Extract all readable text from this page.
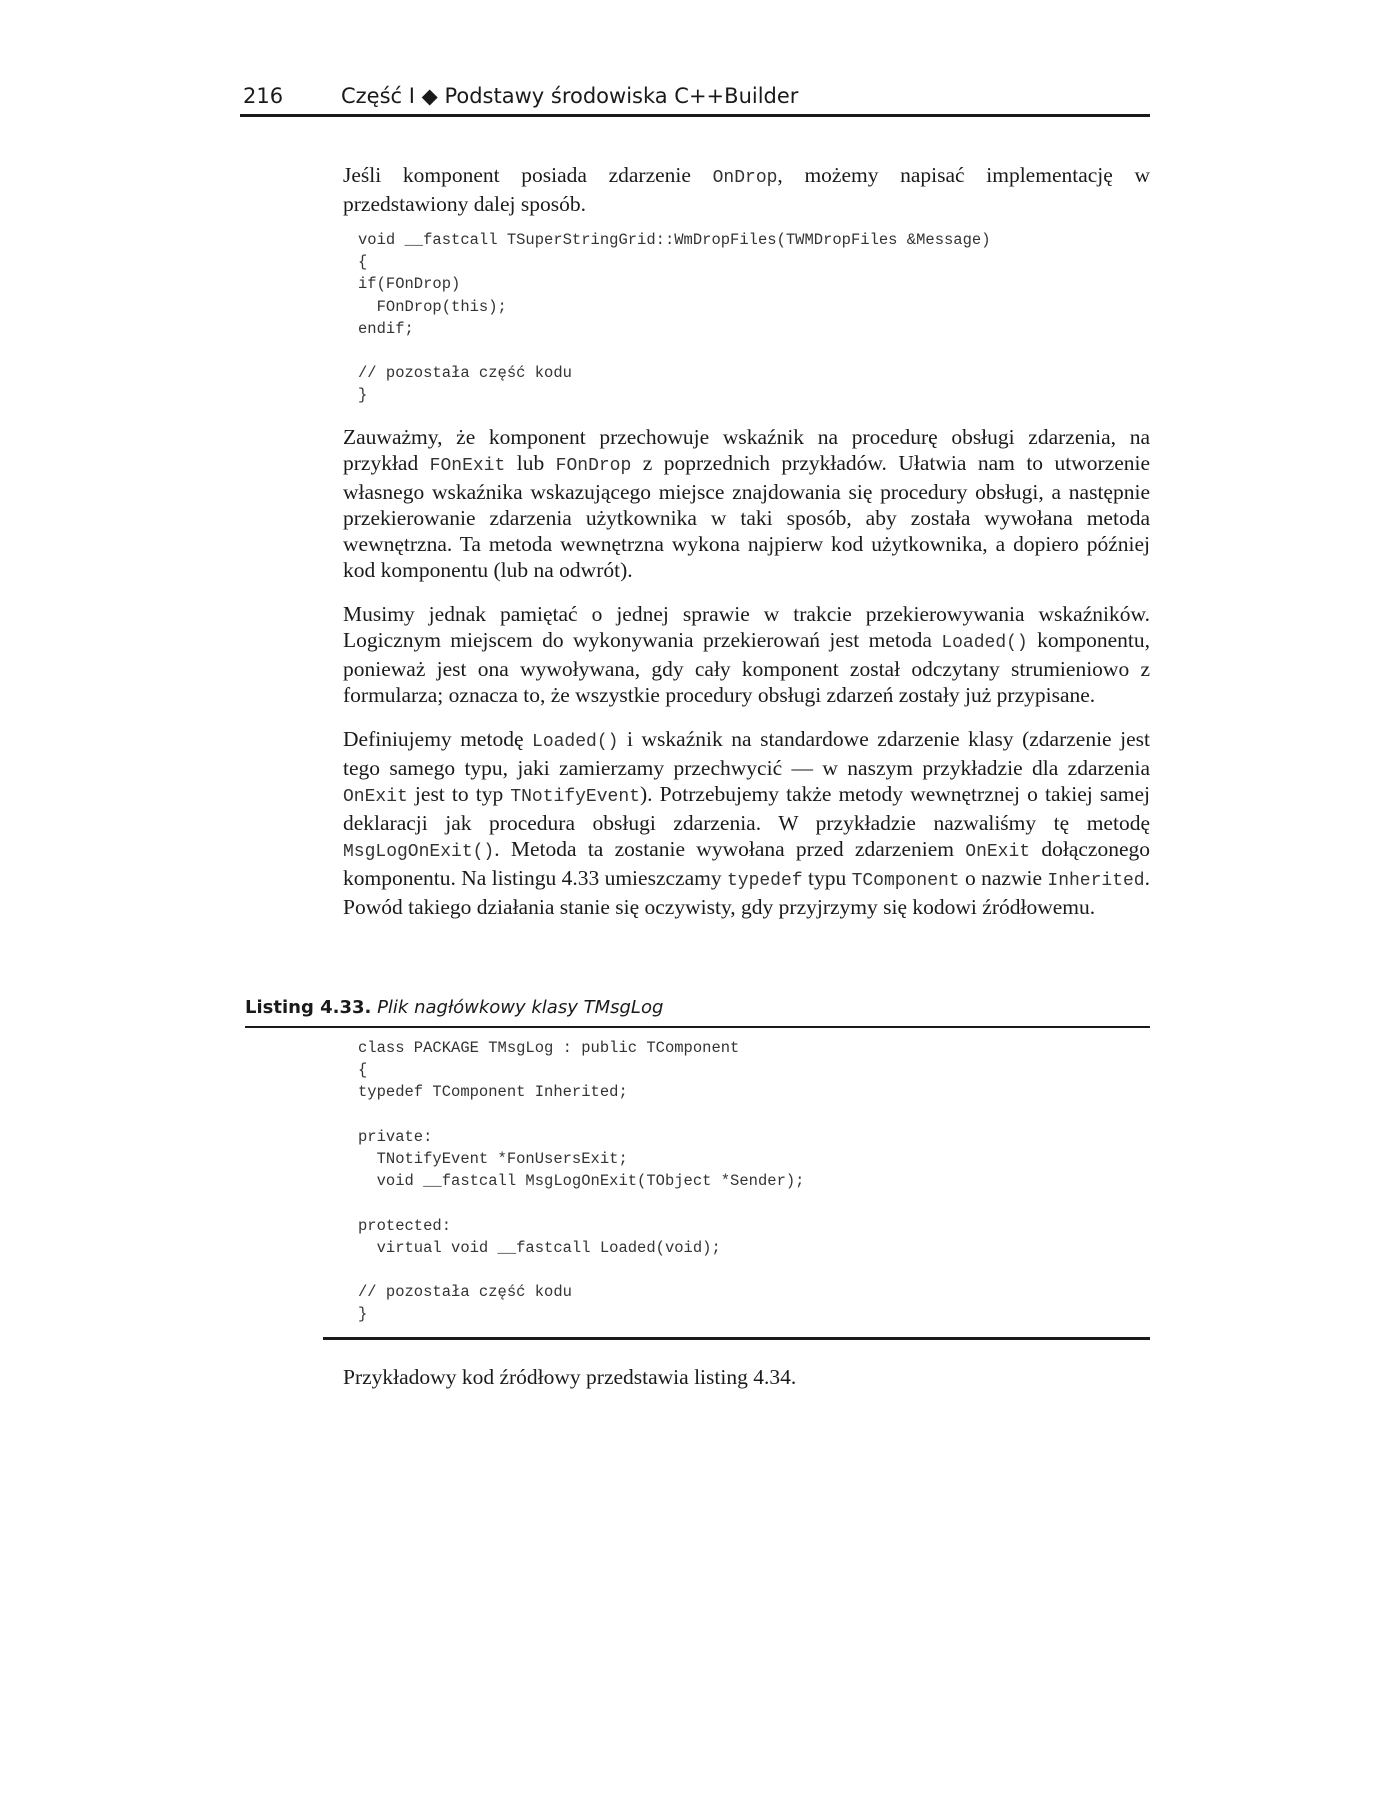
216	Część I ◆ Podstawy środowiska C++Builder

Jeśli komponent posiada zdarzenie OnDrop, możemy napisać implementację w przedstawiony dalej sposób.

void __fastcall TSuperStringGrid::WmDropFiles(TWMDropFiles &Message)
{
if(FOnDrop)
FOnDrop(this);
endif;

// pozostała część kodu
}

Zauważmy, że komponent przechowuje wskaźnik na procedurę obsługi zdarzenia, na przykład FOnExit lub FOnDrop z poprzednich przykładów. Ułatwia nam to utworzenie własnego wskaźnika wskazującego miejsce znajdowania się procedury obsługi, a następnie przekierowanie zdarzenia użytkownika w taki sposób, aby została wywołana metoda wewnętrzna. Ta metoda wewnętrzna wykona najpierw kod użytkownika, a dopiero później kod komponentu (lub na odwrót).

Musimy jednak pamiętać o jednej sprawie w trakcie przekierowywania wskaźników. Logicznym miejscem do wykonywania przekierowań jest metoda Loaded() komponentu, ponieważ jest ona wywoływana, gdy cały komponent został odczytany strumieniowo z formularza; oznacza to, że wszystkie procedury obsługi zdarzeń zostały już przypisane.

Definiujemy metodę Loaded() i wskaźnik na standardowe zdarzenie klasy (zdarzenie jest tego samego typu, jaki zamierzamy przechwycić — w naszym przykładzie dla zdarzenia OnExit jest to typ TNotifyEvent). Potrzebujemy także metody wewnętrznej o takiej samej deklaracji jak procedura obsługi zdarzenia. W przykładzie nazwaliśmy tę metodę MsgLogOnExit(). Metoda ta zostanie wywołana przed zdarzeniem OnExit dołączonego komponentu. Na listingu 4.33 umieszczamy typedef typu TComponent o nazwie Inherited. Powód takiego działania stanie się oczywisty, gdy przyjrzymy się kodowi źródłowemu.

Listing 4.33. Plik nagłówkowy klasy TMsgLog
class PACKAGE TMsgLog : public TComponent
{
typedef TComponent Inherited;

private:
TNotifyEvent *FonUsersExit;
void __fastcall MsgLogOnExit(TObject *Sender);

protected:
virtual void __fastcall Loaded(void);

// pozostała część kodu
}

Przykładowy kod źródłowy przedstawia listing 4.34.
